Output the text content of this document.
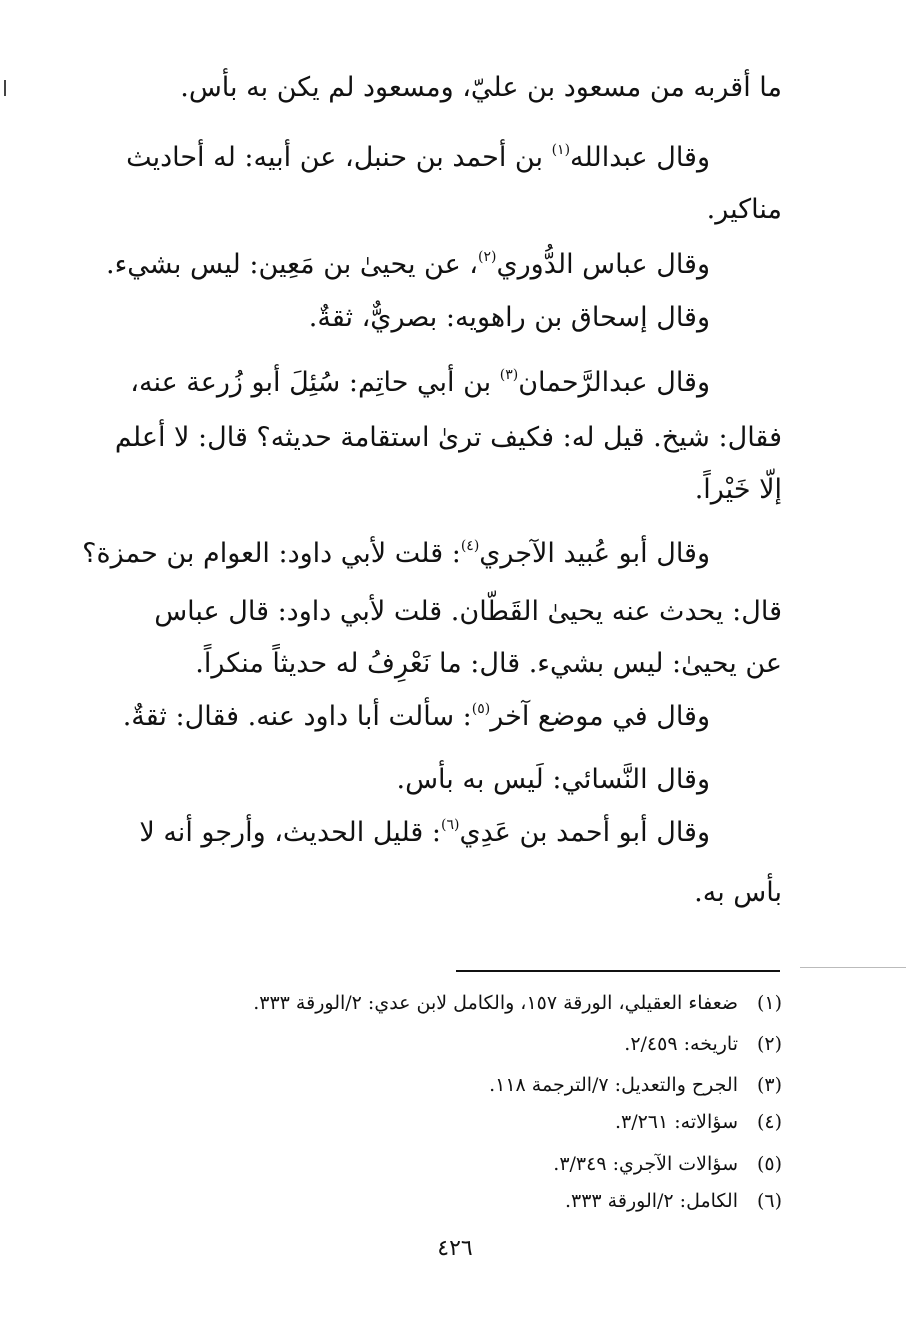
ما أقربه من مسعود بن عليّ، ومسعود لم يكن به بأس.
وقال عبدالله$^{(١)}$ بن أحمد بن حنبل، عن أبيه: له أحاديث
مناكير.
وقال عباس الدُّوري$^{(٢)}$، عن يحيىٰ بن مَعِين: ليس بشيء.
وقال إسحاق بن راهويه: بصريٌّ، ثقةٌ.
وقال عبدالرَّحمان$^{(٣)}$ بن أبي حاتِم: سُئِلَ أبو زُرعة عنه،
فقال: شيخ. قيل له: فكيف ترىٰ استقامة حديثه؟ قال: لا أعلم
إلّا خَيْراً.
وقال أبو عُبيد الآجري$^{(٤)}$: قلت لأبي داود: العوام بن حمزة؟
قال: يحدث عنه يحيىٰ القَطّان. قلت لأبي داود: قال عباس
عن يحيىٰ: ليس بشيء. قال: ما نَعْرِفُ له حديثاً منكراً.
وقال في موضع آخر$^{(٥)}$: سألت أبا داود عنه. فقال: ثقةٌ.
وقال النَّسائي: لَيس به بأس.
وقال أبو أحمد بن عَدِي$^{(٦)}$: قليل الحديث، وأرجو أنه لا
بأس به.
(١)ضعفاء العقيلي، الورقة ١٥٧، والكامل لابن عدي: ٢/الورقة ٣٣٣.
(٢)تاريخه: ٢/٤٥٩.
(٣)الجرح والتعديل: ٧/الترجمة ١١٨.
(٤)سؤالاته: ٣/٢٦١.
(٥)سؤالات الآجري: ٣/٣٤٩.
(٦)الكامل: ٢/الورقة ٣٣٣.
٤٢٦
